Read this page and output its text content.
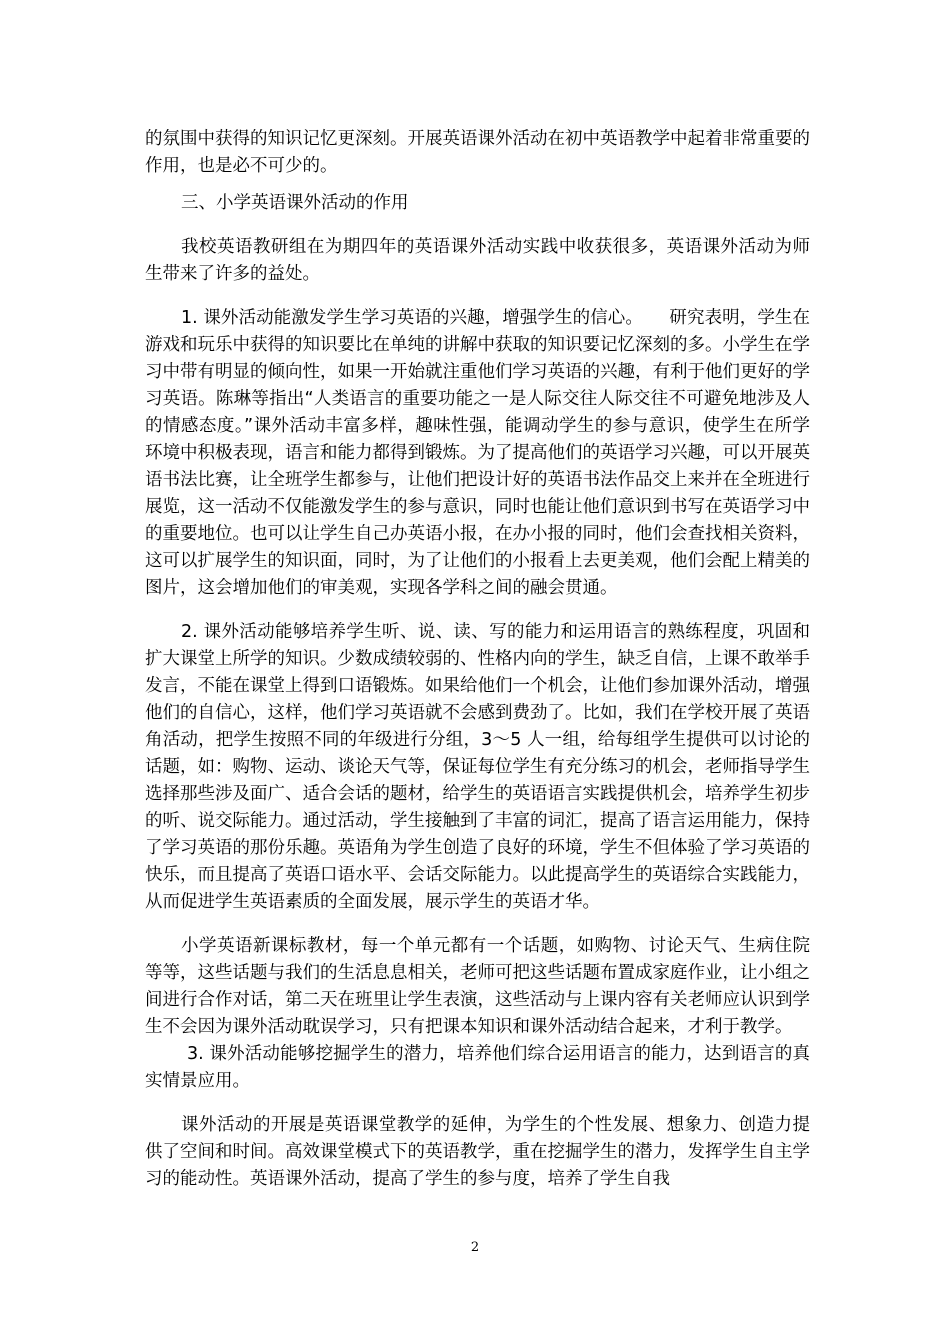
的氛围中获得的知识记忆更深刻。开展英语课外活动在初中英语教学中起着非常重要的作用，也是必不可少的。

三、小学英语课外活动的作用

我校英语教研组在为期四年的英语课外活动实践中收获很多，英语课外活动为师生带来了许多的益处。

1. 课外活动能激发学生学习英语的兴趣，增强学生的信心。　　研究表明，学生在游戏和玩乐中获得的知识要比在单纯的讲解中获取的知识要记忆深刻的多。小学生在学习中带有明显的倾向性，如果一开始就注重他们学习英语的兴趣，有利于他们更好的学习英语。陈琳等指出“人类语言的重要功能之一是人际交往人际交往不可避免地涉及人的情感态度。”课外活动丰富多样，趣味性强，能调动学生的参与意识，使学生在所学环境中积极表现，语言和能力都得到锻炼。为了提高他们的英语学习兴趣，可以开展英语书法比赛，让全班学生都参与，让他们把设计好的英语书法作品交上来并在全班进行展览，这一活动不仅能激发学生的参与意识，同时也能让他们意识到书写在英语学习中的重要地位。也可以让学生自己办英语小报，在办小报的同时，他们会查找相关资料，这可以扩展学生的知识面，同时，为了让他们的小报看上去更美观，他们会配上精美的图片，这会增加他们的审美观，实现各学科之间的融会贯通。

2. 课外活动能够培养学生听、说、读、写的能力和运用语言的熟练程度，巩固和扩大课堂上所学的知识。少数成绩较弱的、性格内向的学生，缺乏自信，上课不敢举手发言，不能在课堂上得到口语锻炼。如果给他们一个机会，让他们参加课外活动，增强他们的自信心，这样，他们学习英语就不会感到费劲了。比如，我们在学校开展了英语角活动，把学生按照不同的年级进行分组，3～5 人一组，给每组学生提供可以讨论的话题，如：购物、运动、谈论天气等，保证每位学生有充分练习的机会，老师指导学生选择那些涉及面广、适合会话的题材，给学生的英语语言实践提供机会，培养学生初步的听、说交际能力。通过活动，学生接触到了丰富的词汇，提高了语言运用能力，保持了学习英语的那份乐趣。英语角为学生创造了良好的环境，学生不但体验了学习英语的快乐，而且提高了英语口语水平、会话交际能力。以此提高学生的英语综合实践能力，从而促进学生英语素质的全面发展，展示学生的英语才华。

小学英语新课标教材，每一个单元都有一个话题，如购物、讨论天气、生病住院等等，这些话题与我们的生活息息相关，老师可把这些话题布置成家庭作业，让小组之间进行合作对话，第二天在班里让学生表演，这些活动与上课内容有关老师应认识到学生不会因为课外活动耽误学习，只有把课本知识和课外活动结合起来，才利于教学。

3. 课外活动能够挖掘学生的潜力，培养他们综合运用语言的能力，达到语言的真实情景应用。

课外活动的开展是英语课堂教学的延伸，为学生的个性发展、想象力、创造力提供了空间和时间。高效课堂模式下的英语教学，重在挖掘学生的潜力，发挥学生自主学习的能动性。英语课外活动，提高了学生的参与度，培养了学生自我

2
